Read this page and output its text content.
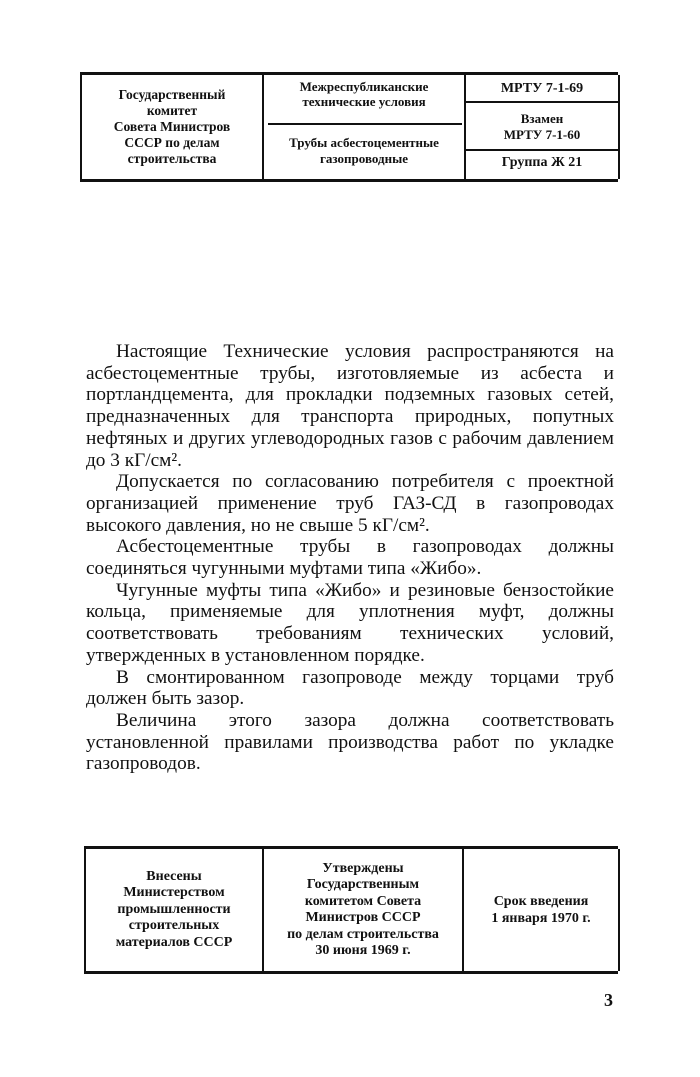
Государственный
комитет
Совета Министров
СССР по делам
строительства
Межреспубликанские
технические условия
Трубы асбестоцементные
газопроводные
МРТУ 7-1-69
Взамен
МРТУ 7-1-60
Группа Ж 21

Настоящие Технические условия распространяются на асбестоцементные трубы, изготовляемые из асбеста и портландцемента, для прокладки подземных газовых сетей, предназначенных для транспорта природных, попутных нефтяных и других углеводородных газов с рабочим давлением до 3 кГ/см².

Допускается по согласованию потребителя с проектной организацией применение труб ГАЗ-СД в газопроводах высокого давления, но не свыше 5 кГ/см².

Асбестоцементные трубы в газопроводах должны соединяться чугунными муфтами типа «Жибо».

Чугунные муфты типа «Жибо» и резиновые бензостойкие кольца, применяемые для уплотнения муфт, должны соответствовать требованиям технических условий, утвержденных в установленном порядке.

В смонтированном газопроводе между торцами труб должен быть зазор.

Величина этого зазора должна соответствовать установленной правилами производства работ по укладке газопроводов.

Внесены
Министерством
промышленности
строительных
материалов СССР
Утверждены
Государственным
комитетом Совета
Министров СССР
по делам строительства
30 июня 1969 г.
Срок введения
1 января 1970 г.
3
